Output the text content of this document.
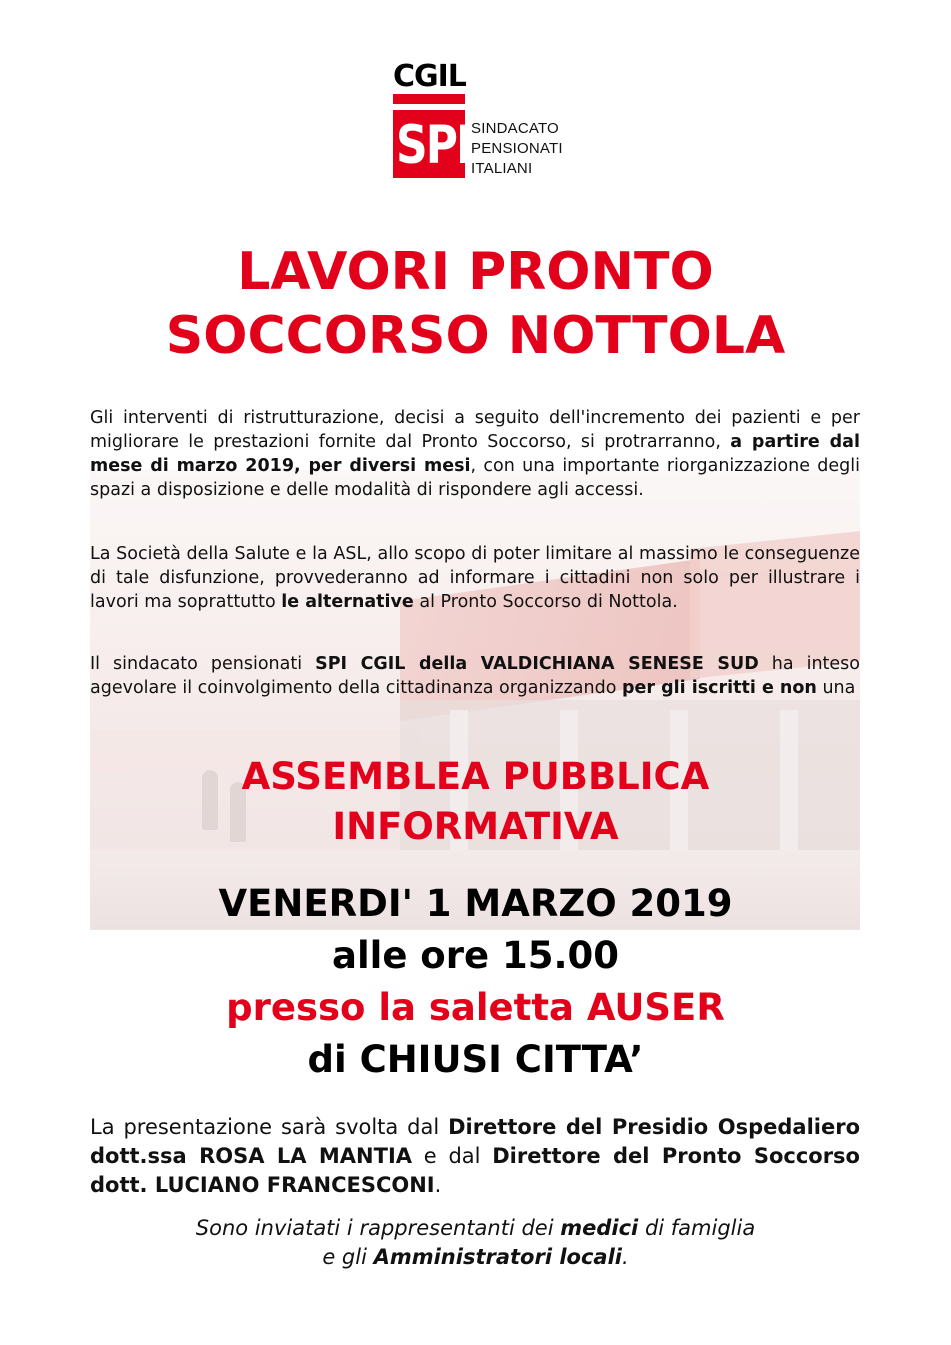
CGIL
SPI SINDACATO
PENSIONATI
ITALIANI
LAVORI PRONTO
SOCCORSO NOTTOLA
Gli interventi di ristrutturazione, decisi a seguito dell'incremento dei pazienti e per migliorare le prestazioni fornite dal Pronto Soccorso, si protrarranno, a partire dal mese di marzo 2019, per diversi mesi, con una importante riorganizzazione degli spazi a disposizione e delle modalità di rispondere agli accessi.
La Società della Salute e la ASL, allo scopo di poter limitare al massimo le conseguenze di tale disfunzione, provvederanno ad informare i cittadini non solo per illustrare i lavori ma soprattutto le alternative al Pronto Soccorso di Nottola.
Il sindacato pensionati SPI CGIL della VALDICHIANA SENESE SUD ha inteso agevolare il coinvolgimento della cittadinanza organizzando per gli iscritti e non una
ASSEMBLEA PUBBLICA
INFORMATIVA
VENERDI' 1 MARZO 2019
alle ore 15.00
presso la saletta AUSER
di CHIUSI CITTA’
La presentazione sarà svolta dal Direttore del Presidio Ospedaliero dott.ssa ROSA LA MANTIA e dal Direttore del Pronto Soccorso dott. LUCIANO FRANCESCONI.
Sono inviatati i rappresentanti dei medici di famiglia
e gli Amministratori locali.
